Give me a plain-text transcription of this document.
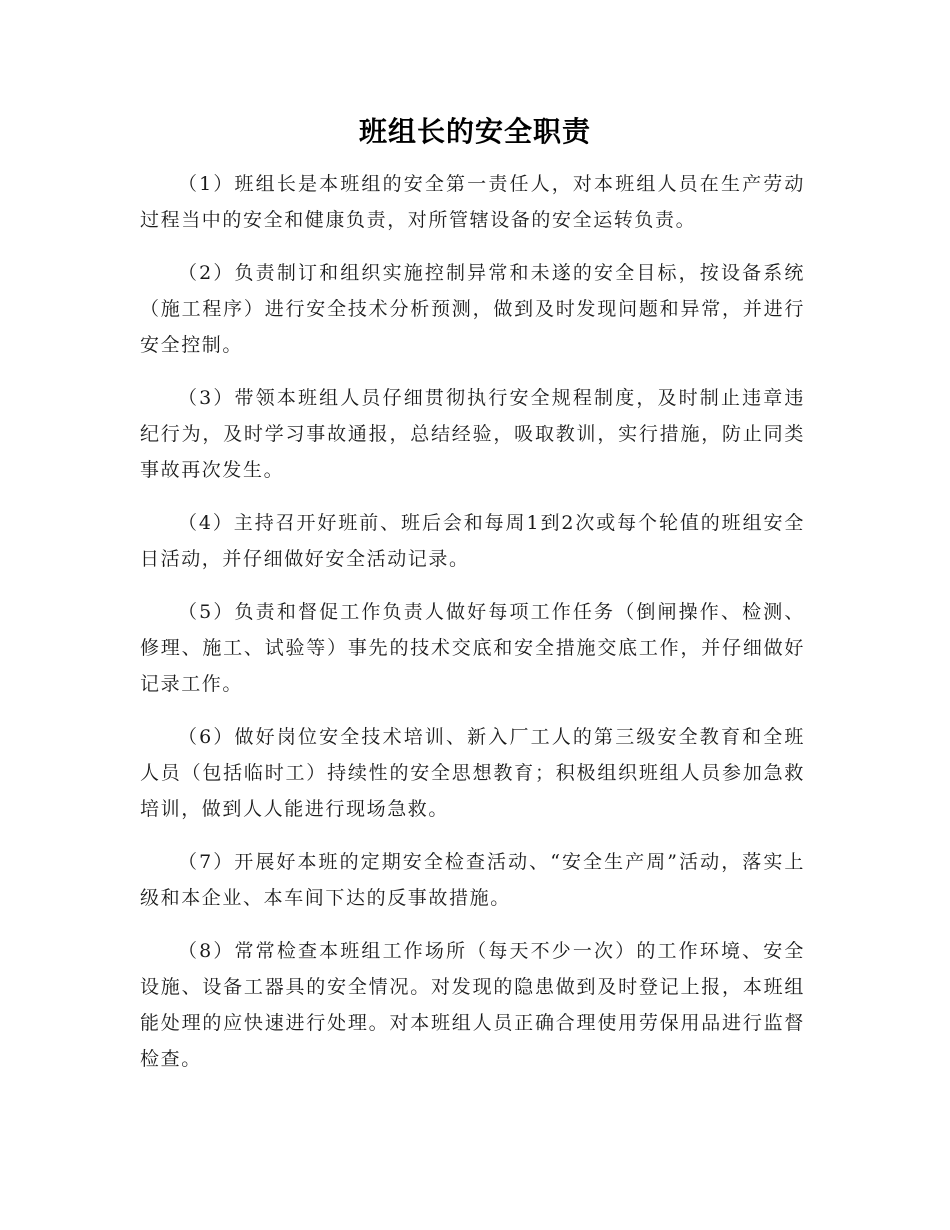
班组长的安全职责

（1）班组长是本班组的安全第一责任人，对本班组人员在生产劳动过程当中的安全和健康负责，对所管辖设备的安全运转负责。

（2）负责制订和组织实施控制异常和未遂的安全目标，按设备系统（施工程序）进行安全技术分析预测，做到及时发现问题和异常，并进行安全控制。

（3）带领本班组人员仔细贯彻执行安全规程制度，及时制止违章违纪行为，及时学习事故通报，总结经验，吸取教训，实行措施，防止同类事故再次发生。

（4）主持召开好班前、班后会和每周1到2次或每个轮值的班组安全日活动，并仔细做好安全活动记录。

（5）负责和督促工作负责人做好每项工作任务（倒闸操作、检测、修理、施工、试验等）事先的技术交底和安全措施交底工作，并仔细做好记录工作。

（6）做好岗位安全技术培训、新入厂工人的第三级安全教育和全班人员（包括临时工）持续性的安全思想教育；积极组织班组人员参加急救培训，做到人人能进行现场急救。

（7）开展好本班的定期安全检查活动、“安全生产周”活动，落实上级和本企业、本车间下达的反事故措施。

（8）常常检查本班组工作场所（每天不少一次）的工作环境、安全设施、设备工器具的安全情况。对发现的隐患做到及时登记上报，本班组能处理的应快速进行处理。对本班组人员正确合理使用劳保用品进行监督检查。
